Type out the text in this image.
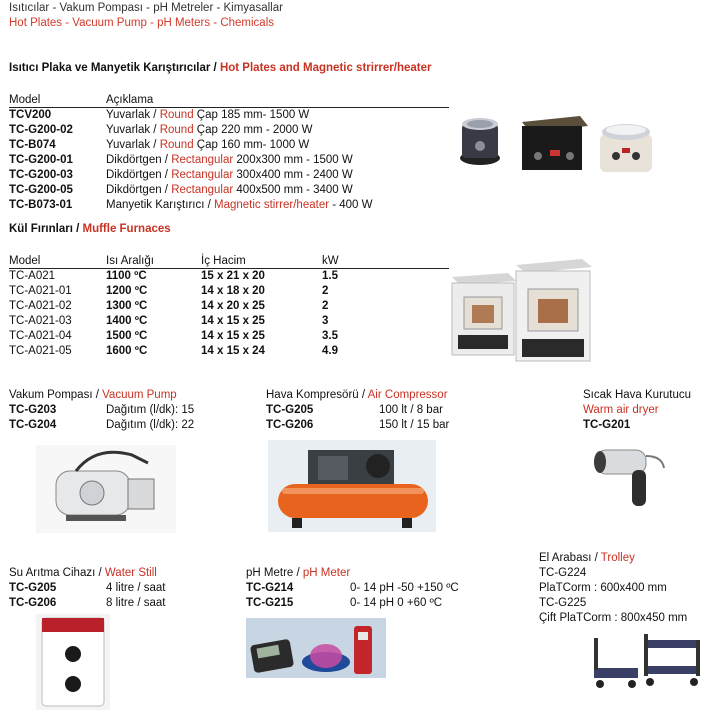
Isıtıcılar - Vakum Pompası - pH Metreler - Kimyasallar
Hot Plates - Vacuum Pump - pH Meters - Chemicals
Isıtıcı Plaka ve Manyetik Karıştırıcılar / Hot Plates and Magnetic strirrer/heater
Model	Açıklama
TCV200	Yuvarlak / Round Çap 185 mm- 1500 W
TC-G200-02	Yuvarlak / Round Çap 220 mm - 2000 W
TC-B074	Yuvarlak / Round Çap 160 mm- 1000 W
TC-G200-01	Dikdörtgen / Rectangular 200x300 mm - 1500 W
TC-G200-03	Dikdörtgen / Rectangular 300x400 mm - 2400 W
TC-G200-05	Dikdörtgen / Rectangular 400x500 mm - 3400 W
TC-B073-01	Manyetik Karıştırıcı / Magnetic stirrer/heater - 400 W
Kül Fırınları / Muffle Furnaces
Model	Isı Aralığı	İç Hacim	kW
TC-A021	1100 ºC	15 x 21 x 20	1.5
TC-A021-01	1200 ºC	14 x 18 x 20	2
TC-A021-02	1300 ºC	14 x 20 x 25	2
TC-A021-03	1400 ºC	14 x 15 x 25	3
TC-A021-04	1500 ºC	14 x 15 x 25	3.5
TC-A021-05	1600 ºC	14 x 15 x 24	4.9
Vakum Pompası / Vacuum Pump
TC-G203	Dağıtım (l/dk): 15
TC-G204	Dağıtım (l/dk): 22
Hava Kompresörü / Air Compressor
TC-G205	100 lt / 8 bar
TC-G206	150 lt / 15 bar
Sıcak Hava Kurutucu
Warm air dryer
TC-G201
Su Arıtma Cihazı / Water Still
TC-G205	4 litre / saat
TC-G206	8 litre / saat
pH Metre / pH Meter
TC-G214	0- 14 pH -50 +150 ºC
TC-G215	0- 14 pH 0 +60 ºC
El Arabası / Trolley
TC-G224
PlaTCorm : 600x400 mm
TC-G225
Çift PlaTCorm : 800x450 mm
